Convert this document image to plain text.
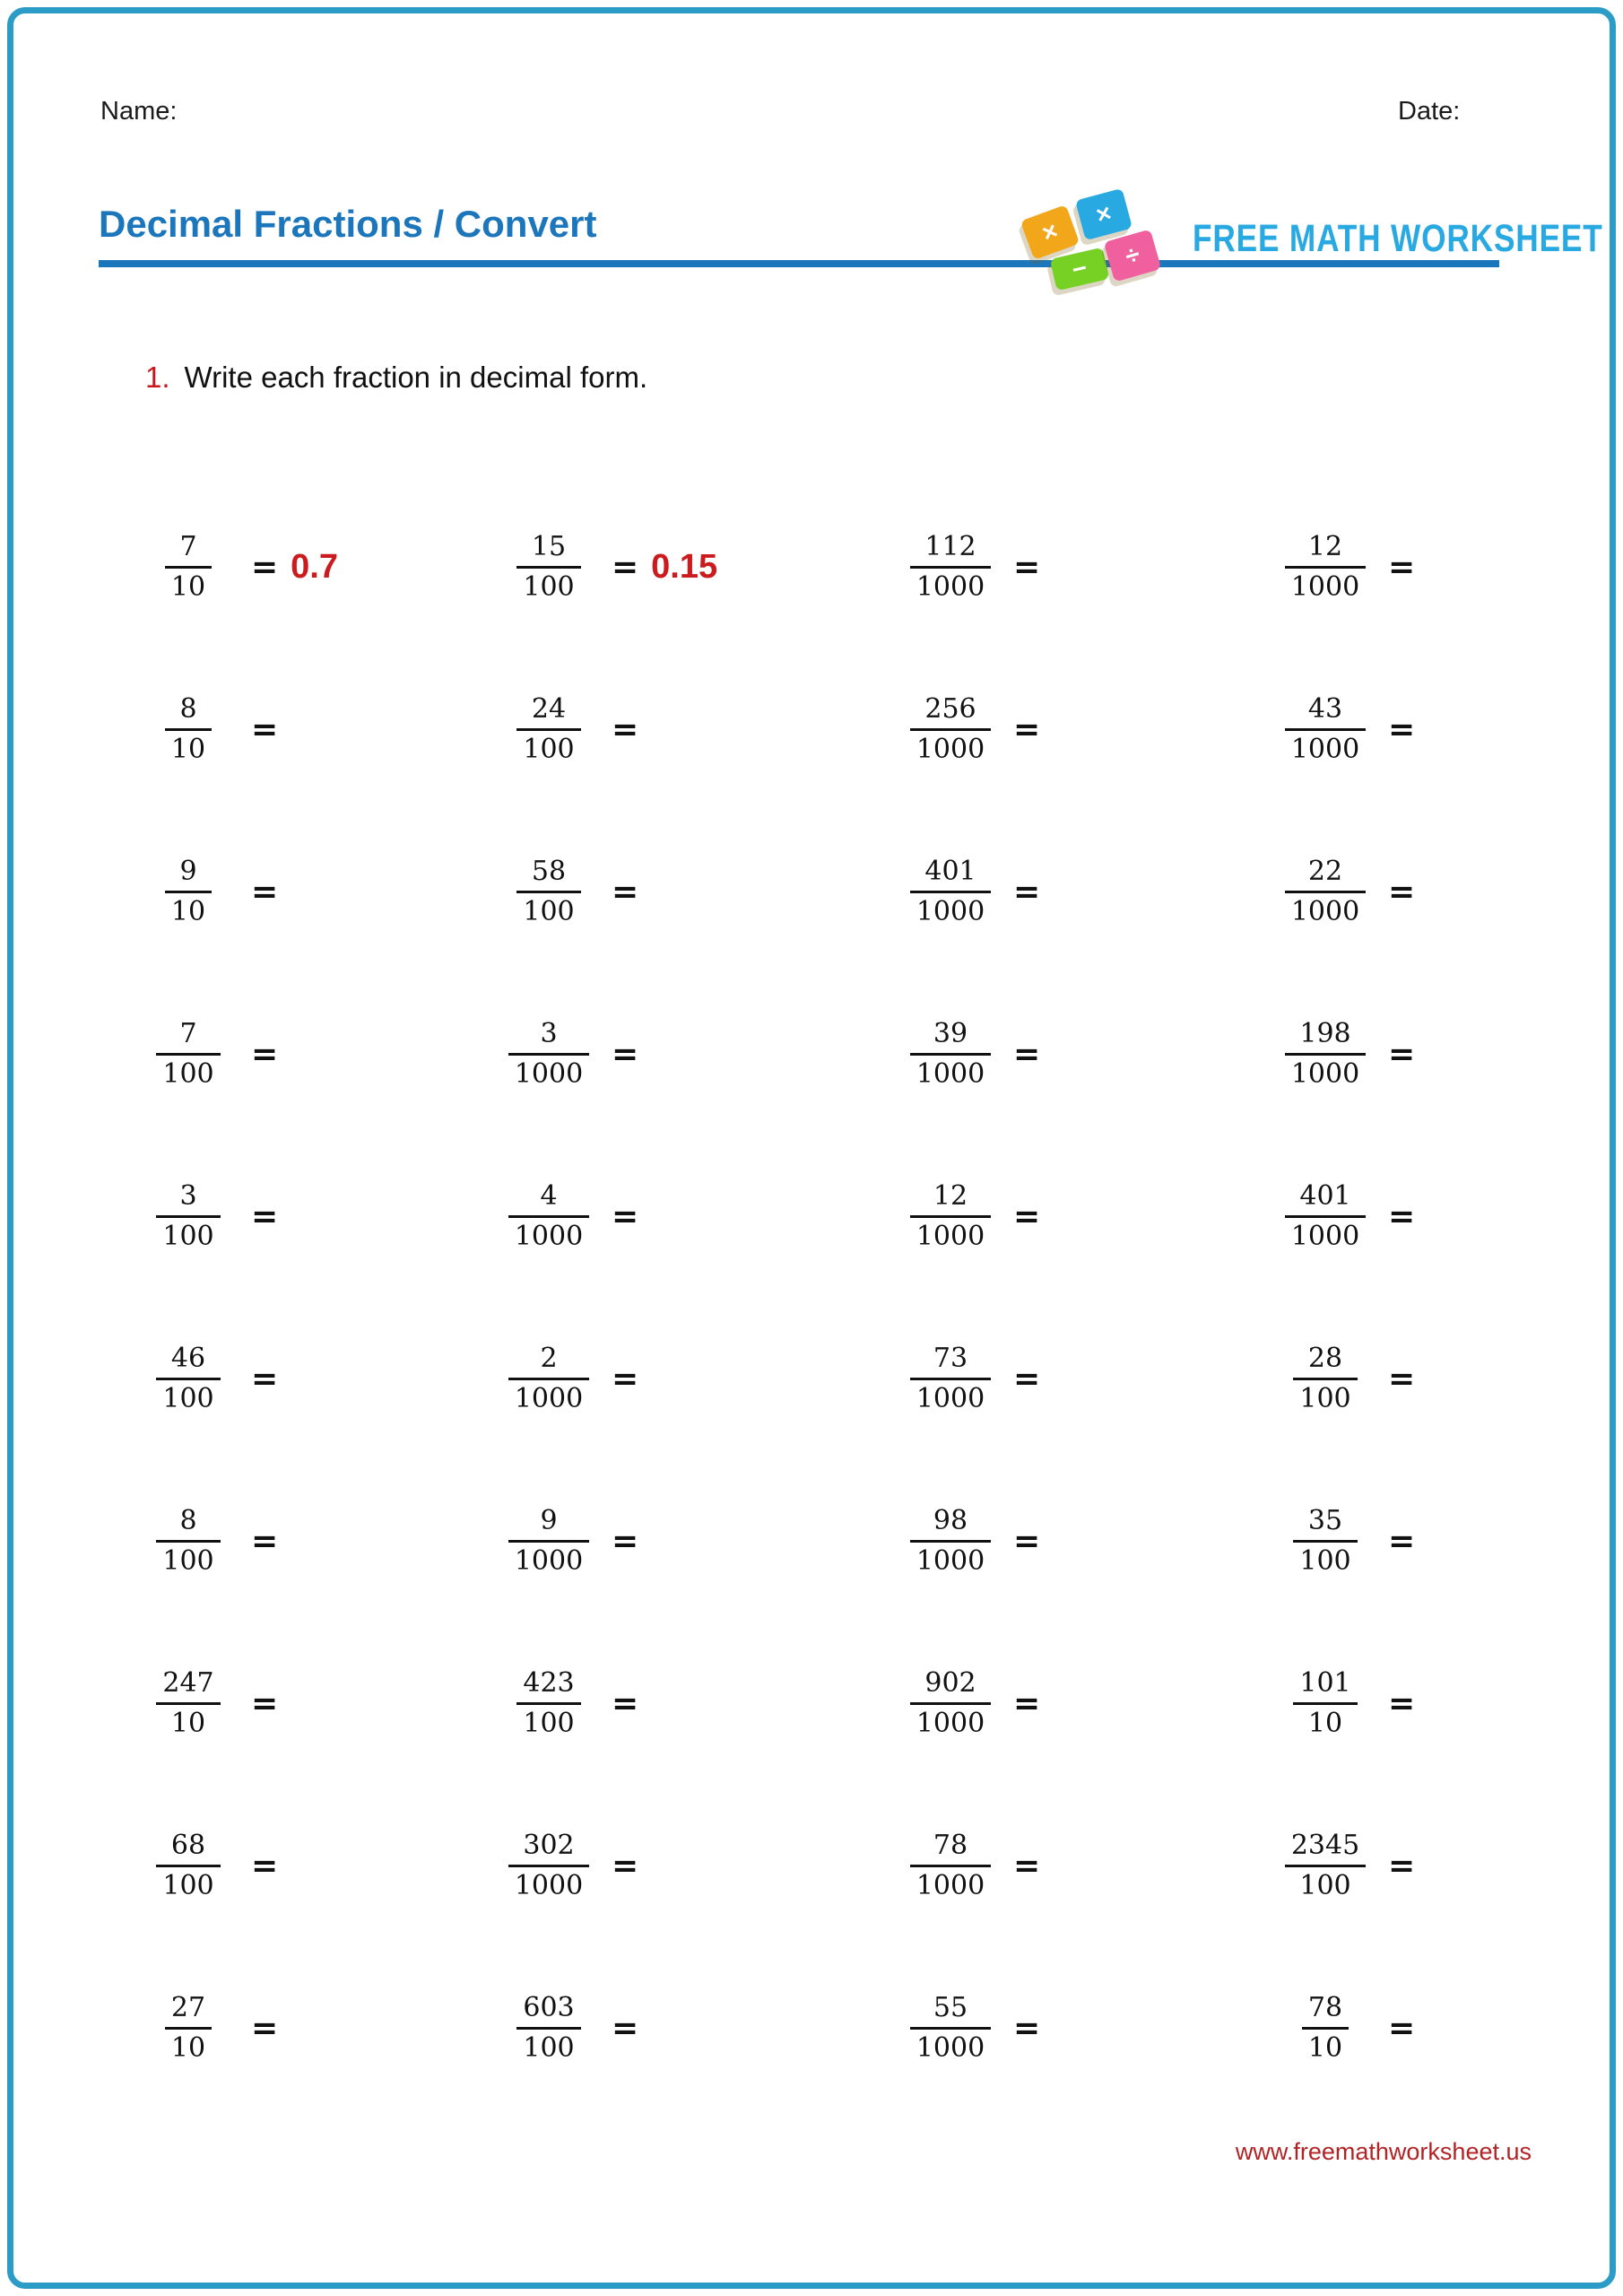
Name:	Date:
Decimal Fractions / Convert	×
×
−	÷	FREE MATH WORKSHEET
1. Write each fraction in decimal form.
$\frac{7}{10} = 0.7$	$\frac{15}{100} = 0.15$	$\frac{112}{1000}$ =	$\frac{12}{1000}$ =
$\frac{8}{10}$ =	$\frac{24}{100}$ =	$\frac{256}{1000}$ =	$\frac{43}{1000}$ =
$\frac{9}{10}$ =	$\frac{58}{100}$ =	$\frac{401}{1000}$ =	$\frac{22}{1000}$ =
$\frac{7}{100}$ =	$\frac{3}{1000}$ =	$\frac{39}{1000}$ =	$\frac{198}{1000}$ =
$\frac{3}{100}$ =	$\frac{4}{1000}$ =	$\frac{12}{1000}$ =	$\frac{401}{1000}$ =
$\frac{46}{100}$ =	$\frac{2}{1000}$ =	$\frac{73}{1000}$ =	$\frac{28}{100}$ =
$\frac{8}{100}$ =	$\frac{9}{1000}$ =	$\frac{98}{1000}$ =	$\frac{35}{100}$ =
$\frac{247}{10}$ =	$\frac{423}{100}$ =	$\frac{902}{1000}$ =	$\frac{101}{10}$ =
$\frac{68}{100}$ =	$\frac{302}{1000}$ =	$\frac{78}{1000}$ =	$\frac{2345}{100}$ =
$\frac{27}{10}$ =	$\frac{603}{100}$ =	$\frac{55}{1000}$ =	$\frac{78}{10}$ =
www.freemathworksheet.us
